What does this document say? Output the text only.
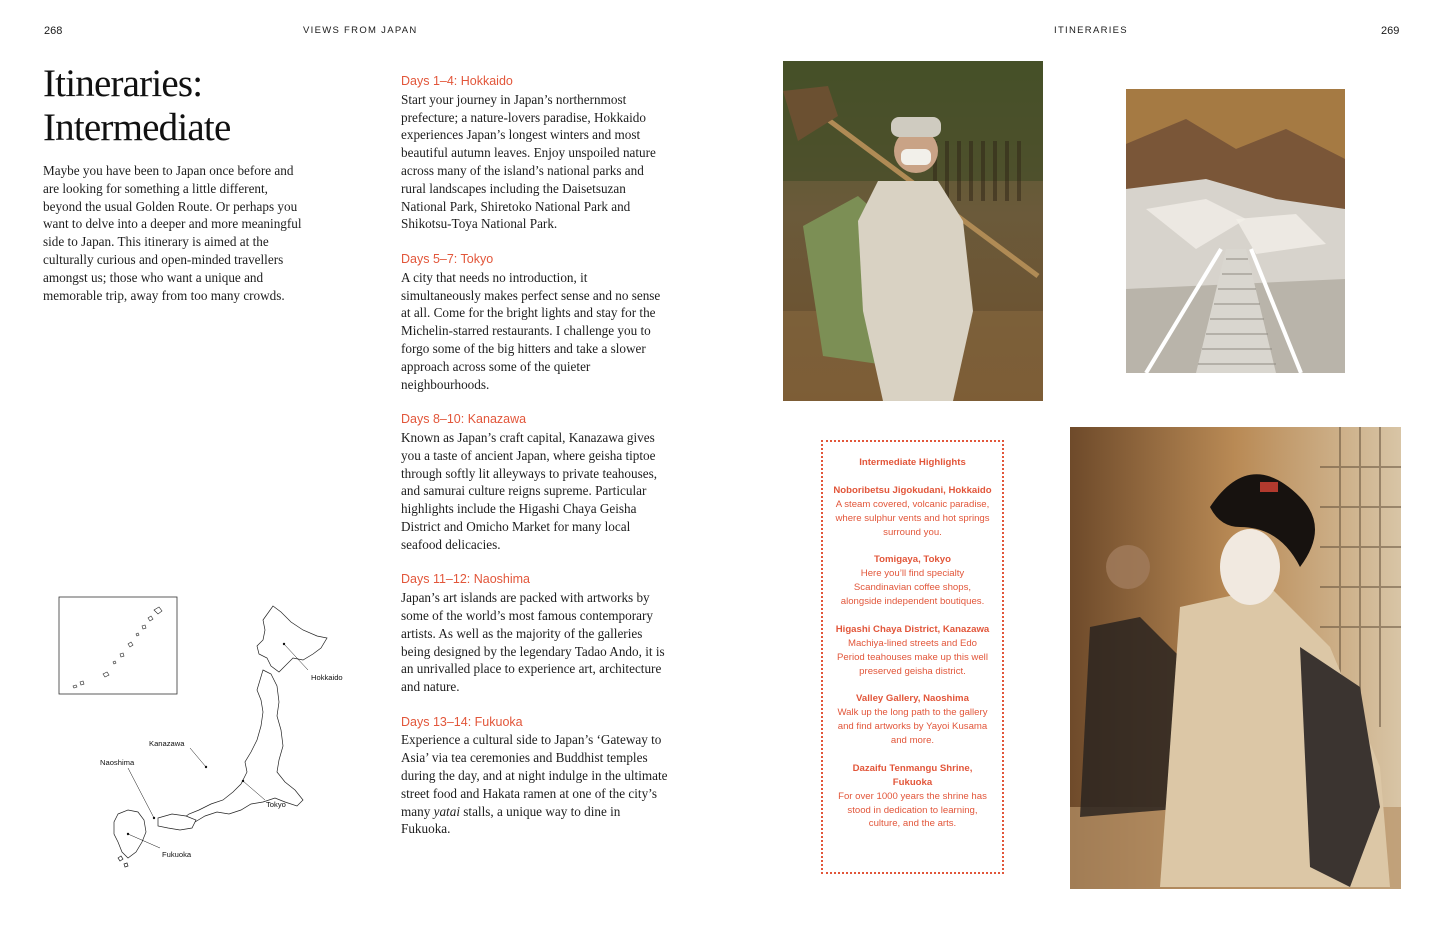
268	VIEWS FROM JAPAN	ITINERARIES	269
Itineraries:
Intermediate
Maybe you have been to Japan once before and are looking for something a little different, beyond the usual Golden Route. Or perhaps you want to delve into a deeper and more meaningful side to Japan. This itinerary is aimed at the culturally curious and open-minded travellers amongst us; those who want a unique and memorable trip, away from too many crowds.
Days 1–4: Hokkaido

Start your journey in Japan’s northernmost prefecture; a nature-lovers paradise, Hokkaido experiences Japan’s longest winters and most beautiful autumn leaves. Enjoy unspoiled nature across many of the island’s national parks and rural landscapes including the Daisetsuzan National Park, Shiretoko National Park and Shikotsu-Toya National Park.

Days 5–7: Tokyo

A city that needs no introduction, it simultaneously makes perfect sense and no sense at all. Come for the bright lights and stay for the Michelin-starred restaurants. I challenge you to forgo some of the big hitters and take a slower approach across some of the quieter neighbourhoods.

Days 8–10: Kanazawa

Known as Japan’s craft capital, Kanazawa gives you a taste of ancient Japan, where geisha tiptoe through softly lit alleyways to private teahouses, and samurai culture reigns supreme. Particular highlights include the Higashi Chaya Geisha District and Omicho Market for many local seafood delicacies.

Days 11–12: Naoshima

Japan’s art islands are packed with artworks by some of the world’s most famous contemporary artists. As well as the majority of the galleries being designed by the legendary Tadao Ando, it is an unrivalled place to experience art, architecture and nature.

Days 13–14: Fukuoka

Experience a cultural side to Japan’s ‘Gateway to Asia’ via tea ceremonies and Buddhist temples during the day, and at night indulge in the ultimate street food and Hakata ramen at one of the city’s many yatai stalls, a unique way to dine in Fukuoka.

Hokkaido
Kanazawa
Naoshima
Tokyo
Fukuoka
Intermediate Highlights
Noboribetsu Jigokudani, Hokkaido
A steam covered, volcanic paradise, where sulphur vents and hot springs surround you.
Tomigaya, Tokyo
Here you’ll find specialty Scandinavian coffee shops, alongside independent boutiques.
Higashi Chaya District, Kanazawa
Machiya-lined streets and Edo Period teahouses make up this well preserved geisha district.
Valley Gallery, Naoshima
Walk up the long path to the gallery and find artworks by Yayoi Kusama and more.
Dazaifu Tenmangu Shrine, Fukuoka
For over 1000 years the shrine has stood in dedication to learning, culture, and the arts.
